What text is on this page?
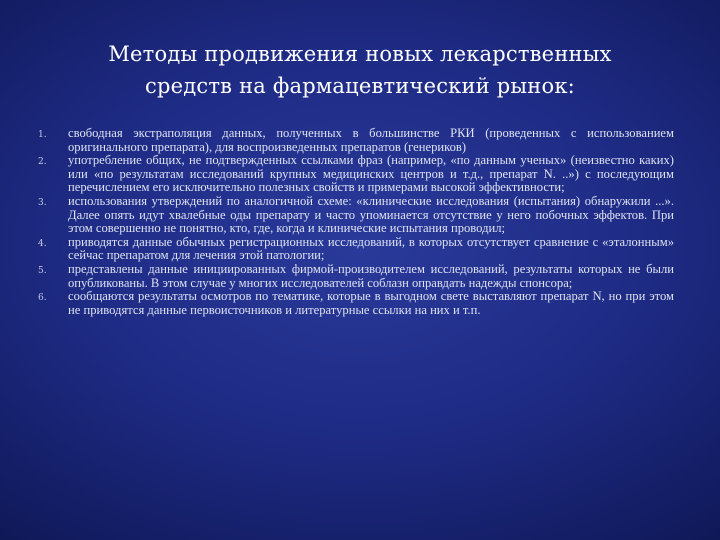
Методы продвижения новых лекарственных
средств на фармацевтический рынок:
1.	свободная экстраполяция данных, полученных в большинстве РКИ (проведенных с использованием оригинального препарата), для воспроизведенных препаратов (генериков)
2.	употребление общих, не подтвержденных ссылками фраз (например, «по данным ученых» (неизвестно каких) или «по результатам исследований крупных медицинских центров и т.д., препарат N. ..») с последующим перечислением его исключительно полезных свойств и примерами высокой эффективности;
3.	использования утверждений по аналогичной схеме: «клинические исследования (испытания) обнаружили ...». Далее опять идут хвалебные оды препарату и часто упоминается отсутствие у него побочных эффектов. При этом совершенно не понятно, кто, где, когда и клинические испытания проводил;
4.	приводятся данные обычных регистрационных исследований, в которых отсутствует сравнение с «эталонным» сейчас препаратом для лечения этой патологии;
5.	представлены данные инициированных фирмой-производителем исследований, результаты которых не были опубликованы. В этом случае у многих исследователей соблазн оправдать надежды спонсора;
6.	сообщаются результаты осмотров по тематике, которые в выгодном свете выставляют препарат N, но при этом не приводятся данные первоисточников и литературные ссылки на них и т.п.
